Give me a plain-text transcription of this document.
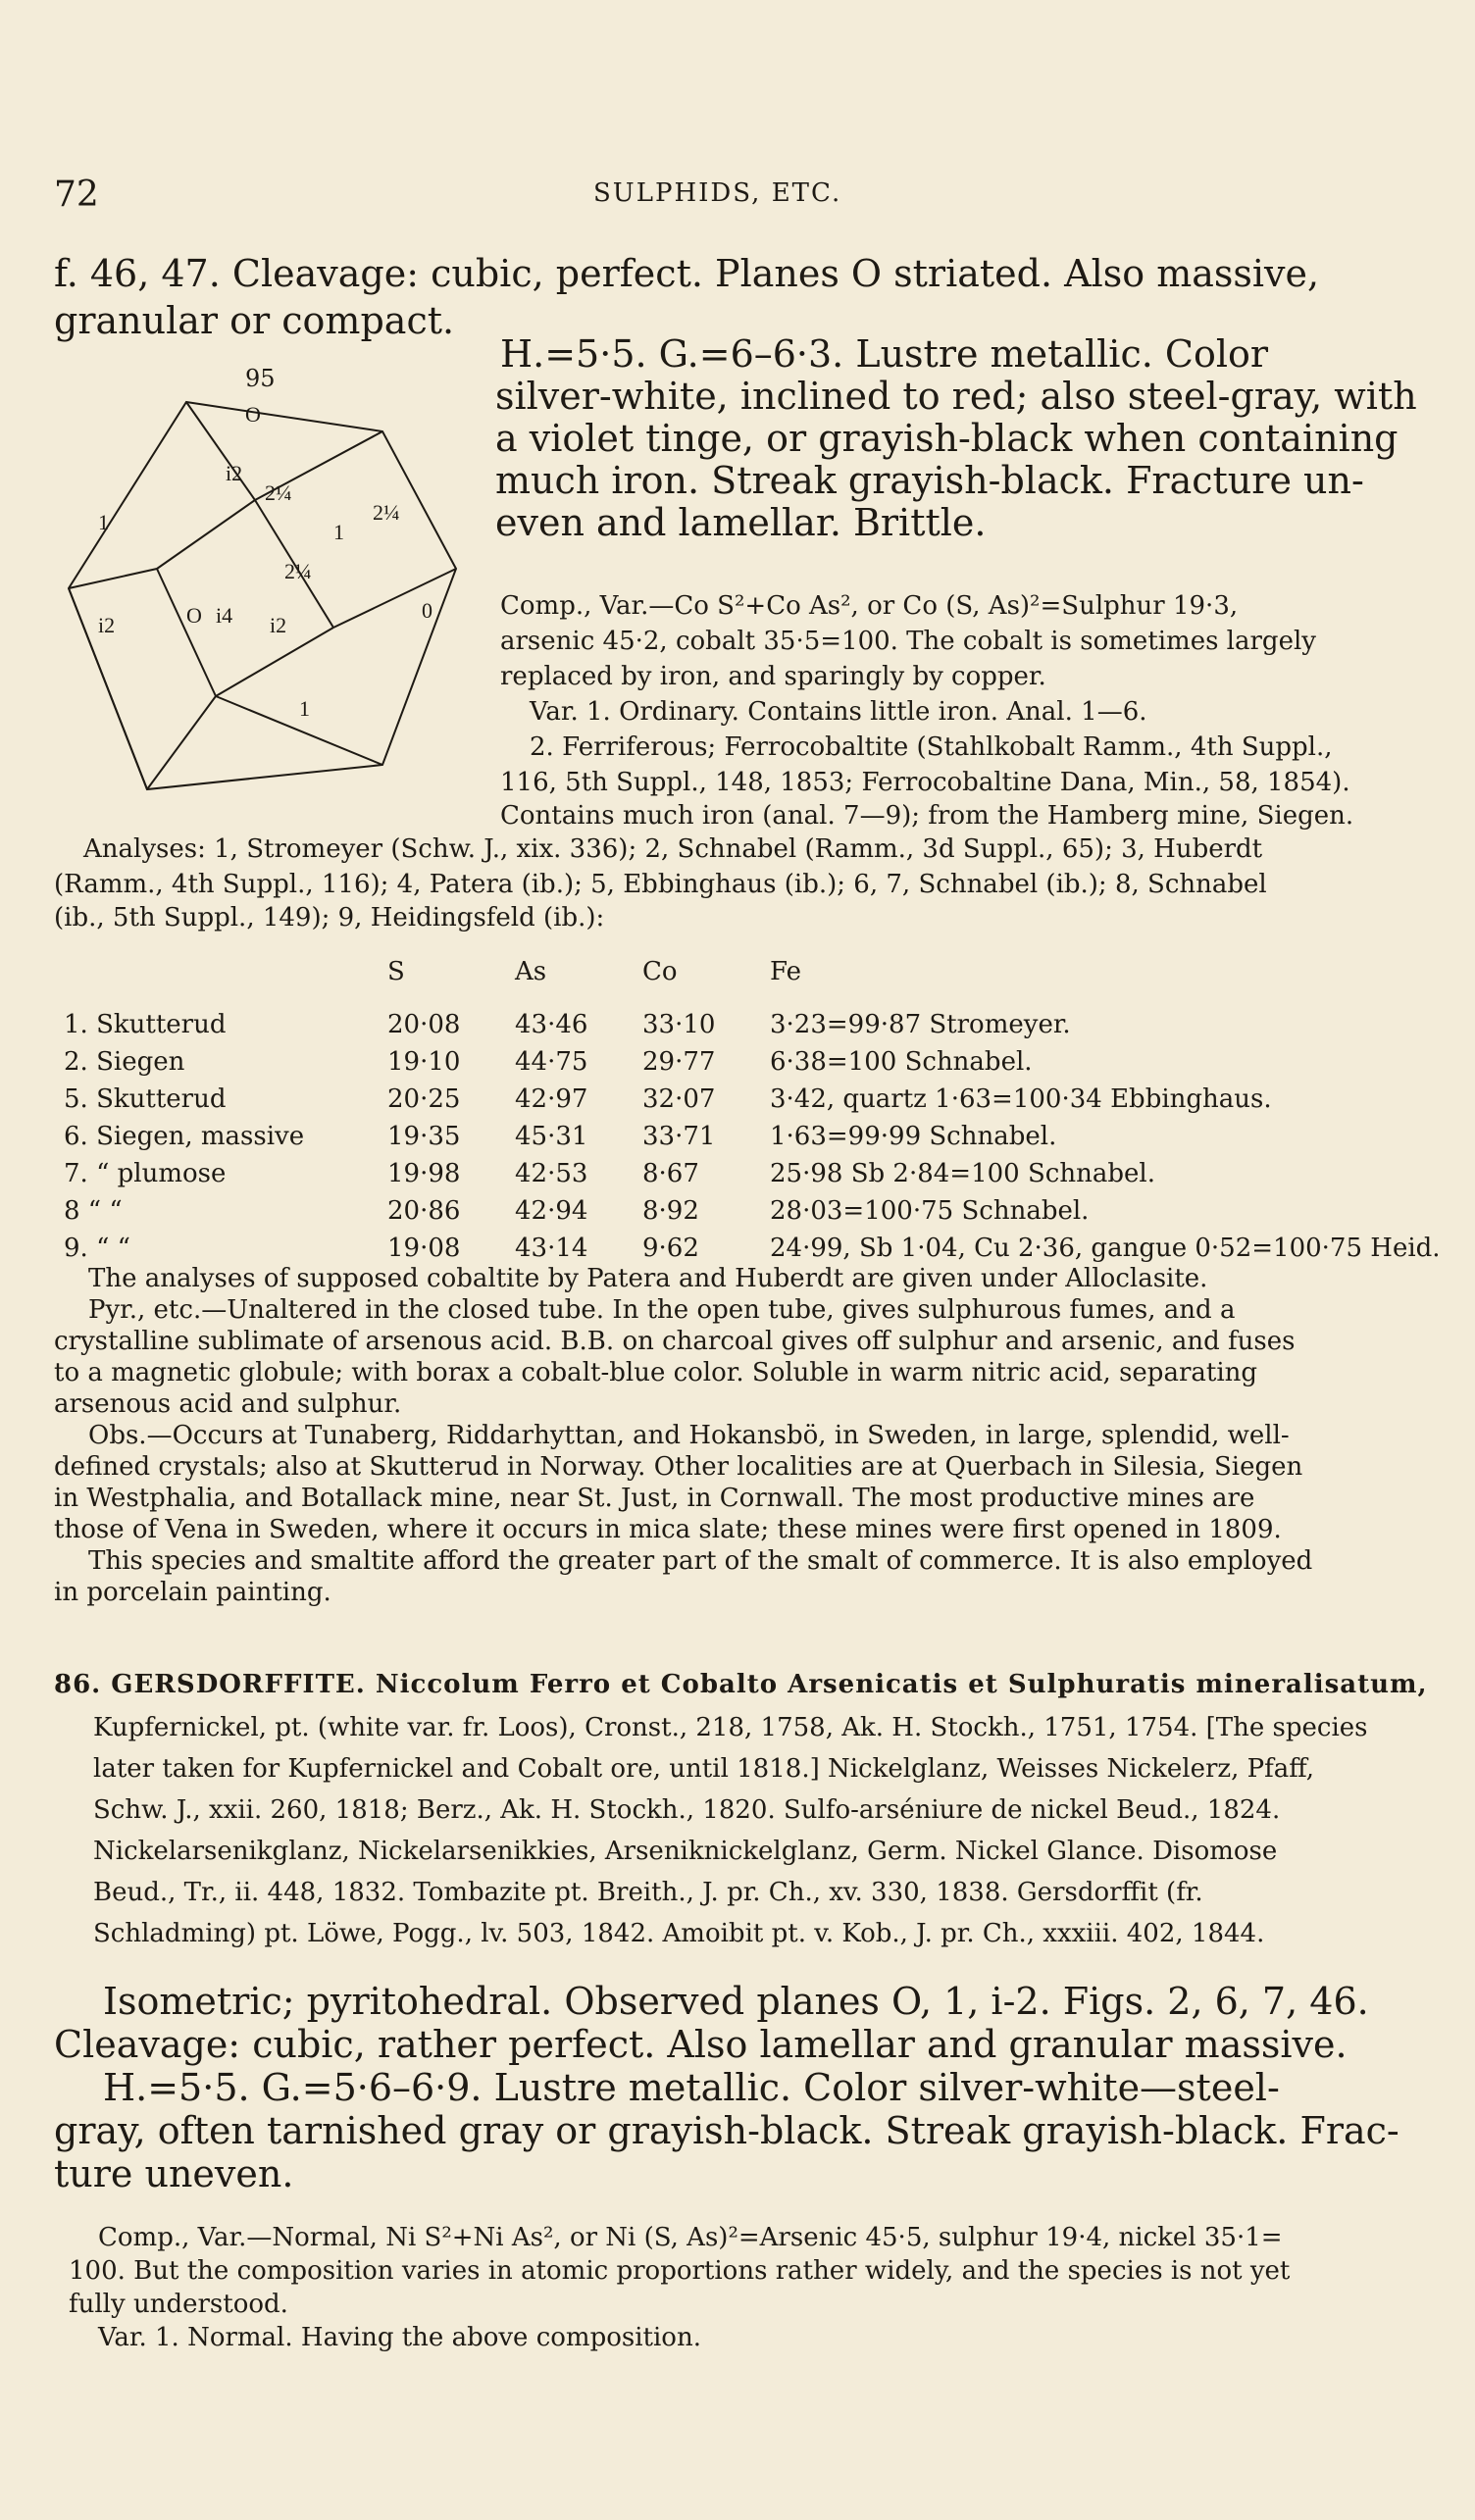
72	SULPHIDS, ETC.
f. 46, 47. Cleavage: cubic, perfect. Planes O striated. Also massive,
granular or compact.
H.=5·5. G.=6–6·3. Lustre metallic. Color
silver-white, inclined to red; also steel-gray, with
a violet tinge, or grayish-black when containing
much iron. Streak grayish-black. Fracture un-
even and lamellar. Brittle.
95
O
i2
2¼
1	2¼
1
2¼
0
i2	O i4 i2
1
Comp., Var.—Co S²+Co As², or Co (S, As)²=Sulphur 19·3,
arsenic 45·2, cobalt 35·5=100. The cobalt is sometimes largely
replaced by iron, and sparingly by copper.
Var. 1. Ordinary. Contains little iron. Anal. 1—6.
2. Ferriferous; Ferrocobaltite (Stahlkobalt Ramm., 4th Suppl.,
116, 5th Suppl., 148, 1853; Ferrocobaltine Dana, Min., 58, 1854).
Contains much iron (anal. 7—9); from the Hamberg mine, Siegen.
Analyses: 1, Stromeyer (Schw. J., xix. 336); 2, Schnabel (Ramm., 3d Suppl., 65); 3, Huberdt
(Ramm., 4th Suppl., 116); 4, Patera (ib.); 5, Ebbinghaus (ib.); 6, 7, Schnabel (ib.); 8, Schnabel
(ib., 5th Suppl., 149); 9, Heidingsfeld (ib.):
	S	As	Co	Fe

1. Skutterud	20·08	43·46	33·10	3·23=99·87 Stromeyer.
2. Siegen	19·10	44·75	29·77	6·38=100 Schnabel.
5. Skutterud	20·25	42·97	32·07	3·42, quartz 1·63=100·34 Ebbinghaus.
6. Siegen, massive	19·35	45·31	33·71	1·63=99·99 Schnabel.
7. “ plumose	19·98	42·53	8·67	25·98 Sb 2·84=100 Schnabel.
8 “ “	20·86	42·94	8·92	28·03=100·75 Schnabel.
9. “ “	19·08	43·14	9·62	24·99, Sb 1·04, Cu 2·36, gangue 0·52=100·75 Heid.
The analyses of supposed cobaltite by Patera and Huberdt are given under Alloclasite.
Pyr., etc.—Unaltered in the closed tube. In the open tube, gives sulphurous fumes, and a
crystalline sublimate of arsenous acid. B.B. on charcoal gives off sulphur and arsenic, and fuses
to a magnetic globule; with borax a cobalt-blue color. Soluble in warm nitric acid, separating
arsenous acid and sulphur.
Obs.—Occurs at Tunaberg, Riddarhyttan, and Hokansbö, in Sweden, in large, splendid, well-
defined crystals; also at Skutterud in Norway. Other localities are at Querbach in Silesia, Siegen
in Westphalia, and Botallack mine, near St. Just, in Cornwall. The most productive mines are
those of Vena in Sweden, where it occurs in mica slate; these mines were first opened in 1809.
This species and smaltite afford the greater part of the smalt of commerce. It is also employed
in porcelain painting.
86. GERSDORFFITE. Niccolum Ferro et Cobalto Arsenicatis et Sulphuratis mineralisatum,
Kupfernickel, pt. (white var. fr. Loos), Cronst., 218, 1758, Ak. H. Stockh., 1751, 1754. [The species
later taken for Kupfernickel and Cobalt ore, until 1818.] Nickelglanz, Weisses Nickelerz, Pfaff,
Schw. J., xxii. 260, 1818; Berz., Ak. H. Stockh., 1820. Sulfo-arséniure de nickel Beud., 1824.
Nickelarsenikglanz, Nickelarsenikkies, Arseniknickelglanz, Germ. Nickel Glance. Disomose
Beud., Tr., ii. 448, 1832. Tombazite pt. Breith., J. pr. Ch., xv. 330, 1838. Gersdorffit (fr.
Schladming) pt. Löwe, Pogg., lv. 503, 1842. Amoibit pt. v. Kob., J. pr. Ch., xxxiii. 402, 1844.
Isometric; pyritohedral. Observed planes O, 1, i-2. Figs. 2, 6, 7, 46.
Cleavage: cubic, rather perfect. Also lamellar and granular massive.
H.=5·5. G.=5·6–6·9. Lustre metallic. Color silver-white—steel-
gray, often tarnished gray or grayish-black. Streak grayish-black. Frac-
ture uneven.
Comp., Var.—Normal, Ni S²+Ni As², or Ni (S, As)²=Arsenic 45·5, sulphur 19·4, nickel 35·1=
100. But the composition varies in atomic proportions rather widely, and the species is not yet
fully understood.
Var. 1. Normal. Having the above composition.
